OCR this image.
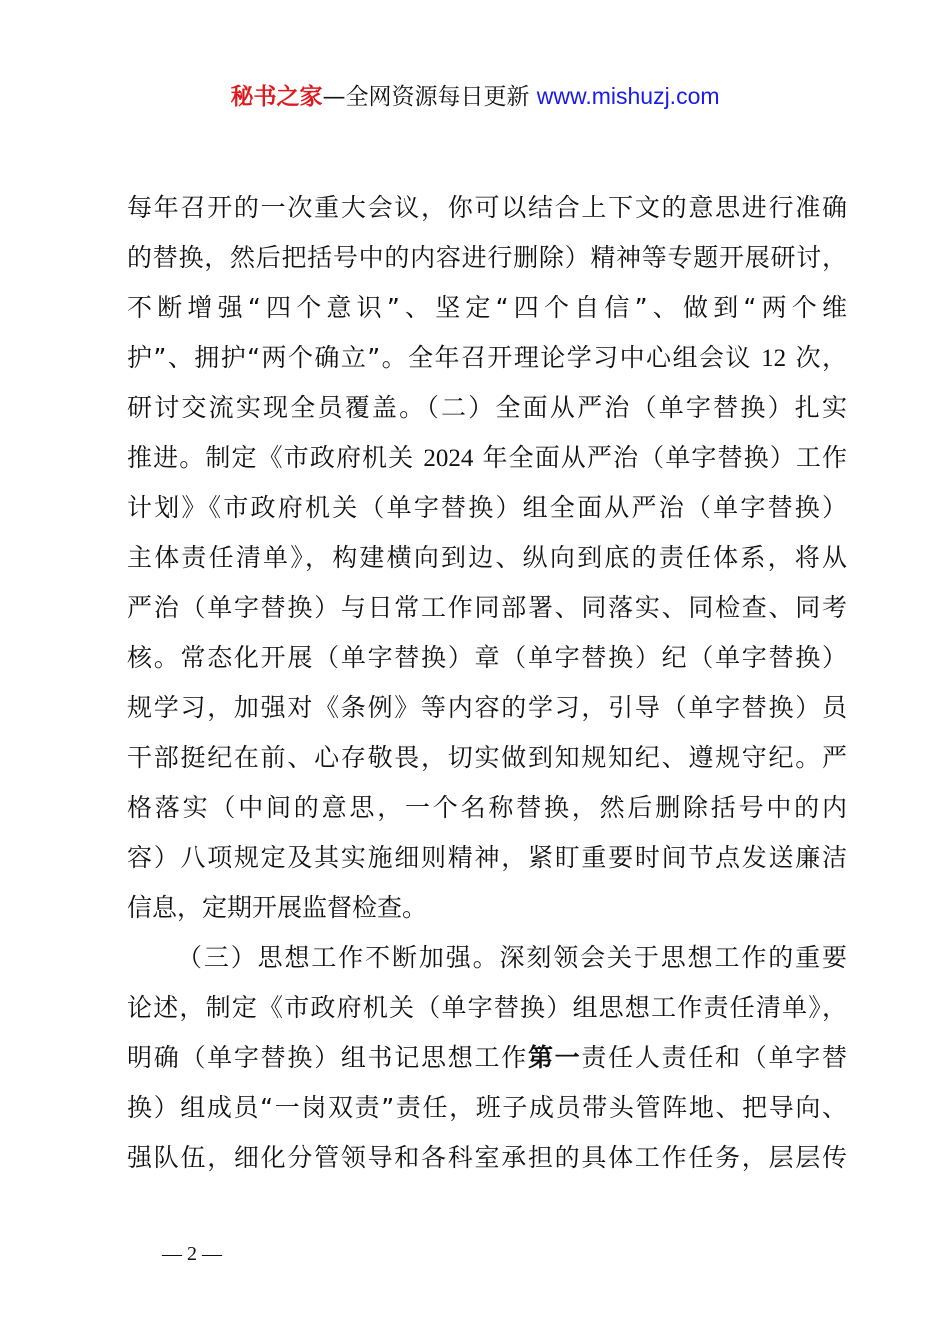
秘书之家—全网资源每日更新 www.mishuzj.com
每年召开的一次重大会议，你可以结合上下文的意思进行准确
的替换，然后把括号中的内容进行删除）精神等专题开展研讨，
不断增强“四个意识”、坚定“四个自信”、做到“两个维
护”、拥护“两个确立”。全年召开理论学习中心组会议 12 次，
研讨交流实现全员覆盖。（二）全面从严治（单字替换）扎实
推进。制定《市政府机关 2024 年全面从严治（单字替换）工作
计划》《市政府机关（单字替换）组全面从严治（单字替换）
主体责任清单》，构建横向到边、纵向到底的责任体系，将从
严治（单字替换）与日常工作同部署、同落实、同检查、同考
核。常态化开展（单字替换）章（单字替换）纪（单字替换）
规学习，加强对《条例》等内容的学习，引导（单字替换）员
干部挺纪在前、心存敬畏，切实做到知规知纪、遵规守纪。严
格落实（中间的意思，一个名称替换，然后删除括号中的内
容）八项规定及其实施细则精神，紧盯重要时间节点发送廉洁
信息，定期开展监督检查。
（三）思想工作不断加强。深刻领会关于思想工作的重要
论述，制定《市政府机关（单字替换）组思想工作责任清单》，
明确（单字替换）组书记思想工作第一责任人责任和（单字替
换）组成员“一岗双责”责任，班子成员带头管阵地、把导向、
强队伍，细化分管领导和各科室承担的具体工作任务，层层传
— 2 —
